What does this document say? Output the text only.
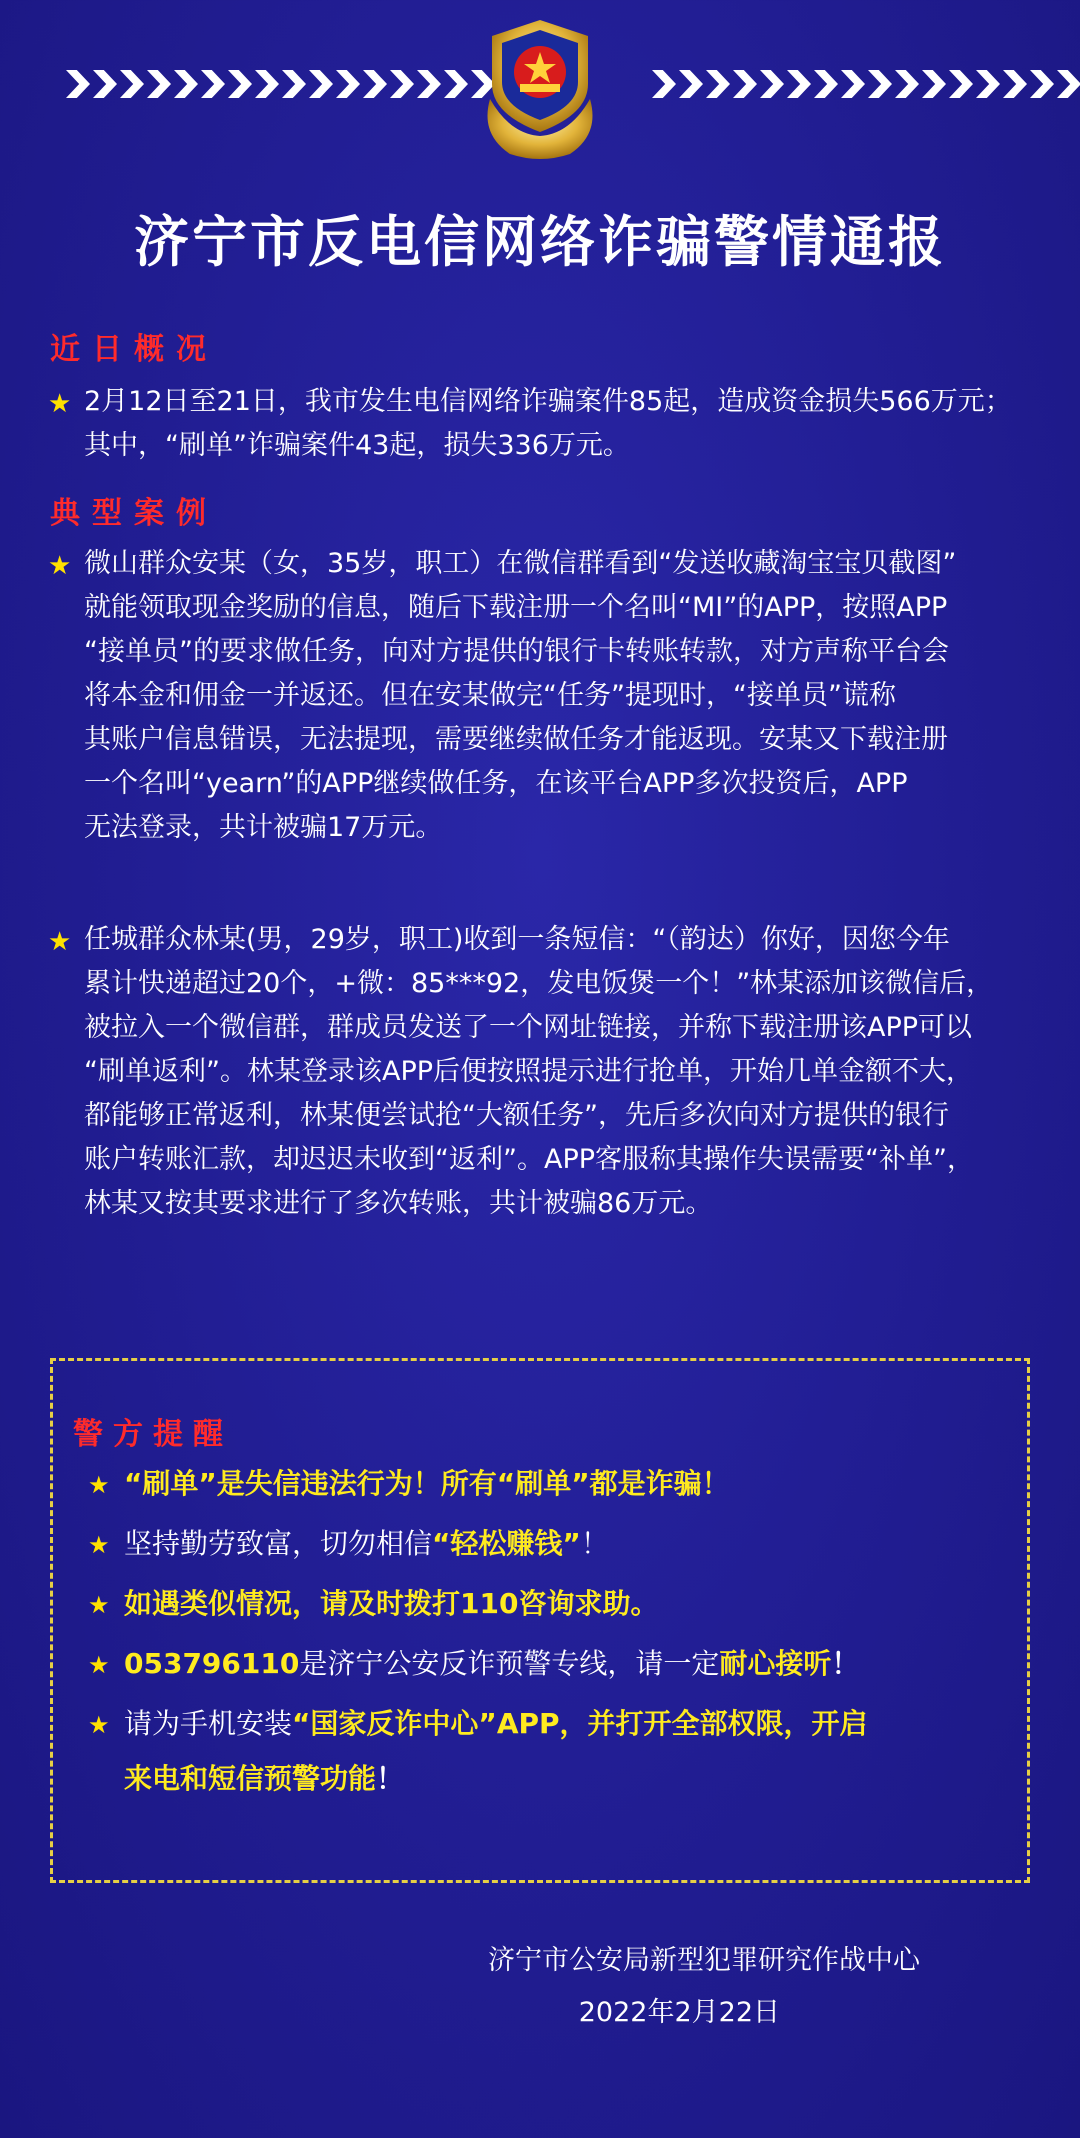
济宁市反电信网络诈骗警情通报
近日概况
★ 2月12日至21日，我市发生电信网络诈骗案件85起，造成资金损失566万元；
其中，“刷单”诈骗案件43起，损失336万元。
典型案例
★ 微山群众安某（女，35岁，职工）在微信群看到“发送收藏淘宝宝贝截图”
就能领取现金奖励的信息，随后下载注册一个名叫“MI”的APP，按照APP
“接单员”的要求做任务，向对方提供的银行卡转账转款，对方声称平台会
将本金和佣金一并返还。但在安某做完“任务”提现时，“接单员”谎称
其账户信息错误，无法提现，需要继续做任务才能返现。安某又下载注册
一个名叫“yearn”的APP继续做任务，在该平台APP多次投资后，APP
无法登录，共计被骗17万元。
★ 任城群众林某(男，29岁，职工)收到一条短信：“（韵达）你好，因您今年
累计快递超过20个，+微：85***92，发电饭煲一个！”林某添加该微信后，
被拉入一个微信群，群成员发送了一个网址链接，并称下载注册该APP可以
“刷单返利”。林某登录该APP后便按照提示进行抢单，开始几单金额不大，
都能够正常返利，林某便尝试抢“大额任务”，先后多次向对方提供的银行
账户转账汇款，却迟迟未收到“返利”。APP客服称其操作失误需要“补单”，
林某又按其要求进行了多次转账，共计被骗86万元。
警方提醒
★ “刷单”是失信违法行为！所有“刷单”都是诈骗！
★ 坚持勤劳致富，切勿相信“轻松赚钱”！
★ 如遇类似情况，请及时拨打110咨询求助。
★ 053796110是济宁公安反诈预警专线，请一定耐心接听！
★ 请为手机安装“国家反诈中心”APP，并打开全部权限，开启
来电和短信预警功能！
济宁市公安局新型犯罪研究作战中心
2022年2月22日
